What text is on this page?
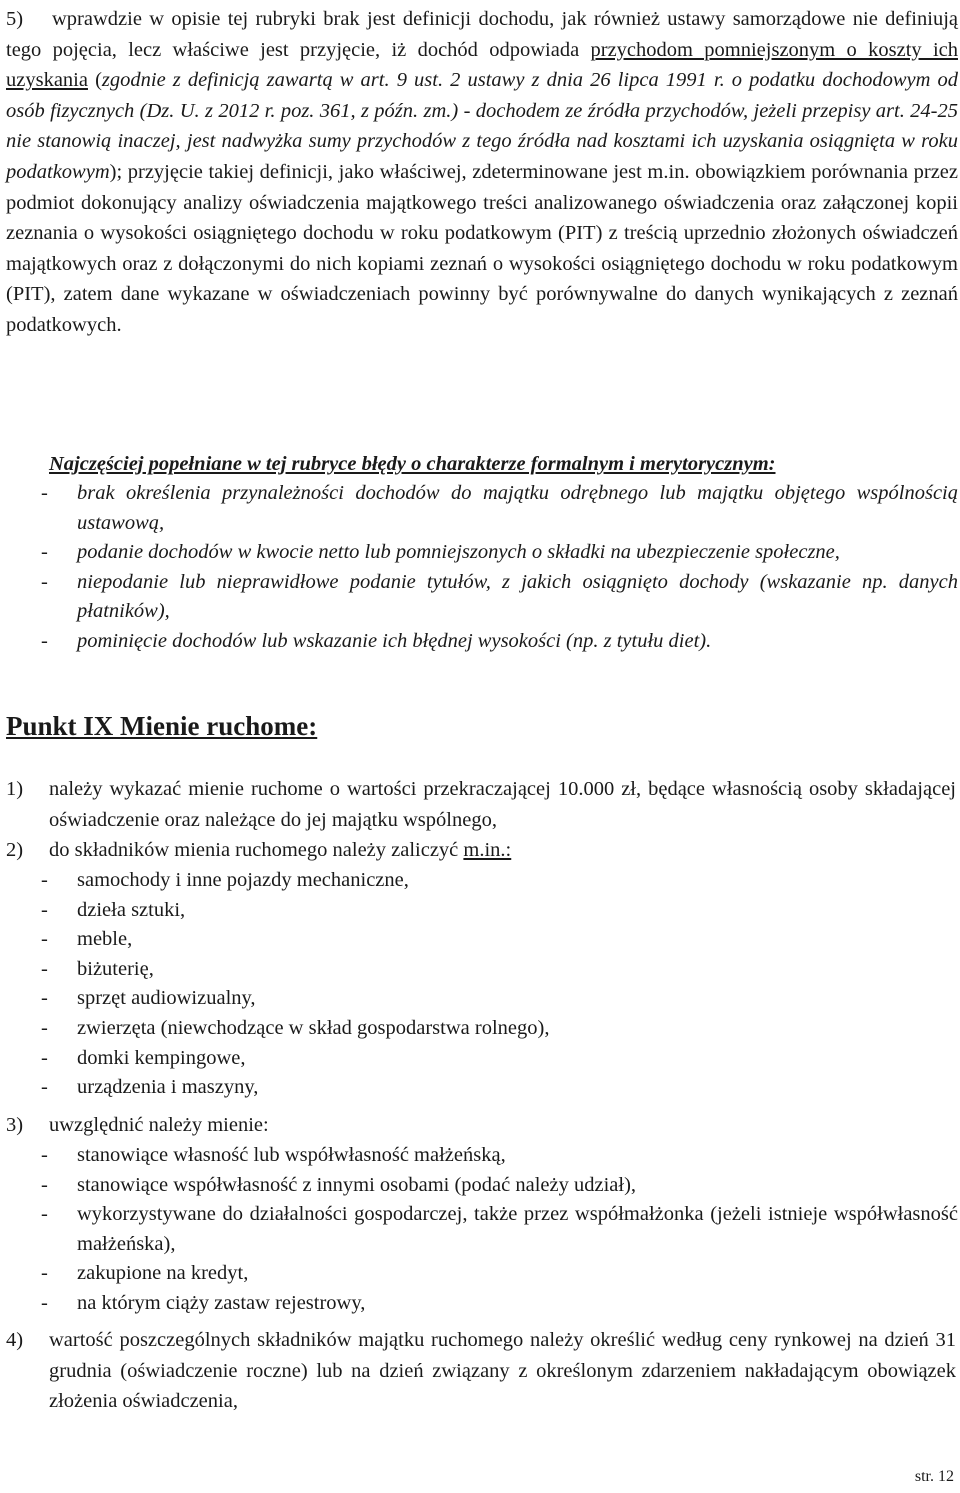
5) wprawdzie w opisie tej rubryki brak jest definicji dochodu, jak również ustawy samorządowe nie definiują tego pojęcia, lecz właściwe jest przyjęcie, iż dochód odpowiada przychodom pomniejszonym o koszty ich uzyskania (zgodnie z definicją zawartą w art. 9 ust. 2 ustawy z dnia 26 lipca 1991 r. o podatku dochodowym od osób fizycznych (Dz. U. z 2012 r. poz. 361, z późn. zm.) - dochodem ze źródła przychodów, jeżeli przepisy art. 24-25 nie stanowią inaczej, jest nadwyżka sumy przychodów z tego źródła nad kosztami ich uzyskania osiągnięta w roku podatkowym); przyjęcie takiej definicji, jako właściwej, zdeterminowane jest m.in. obowiązkiem porównania przez podmiot dokonujący analizy oświadczenia majątkowego treści analizowanego oświadczenia oraz załączonej kopii zeznania o wysokości osiągniętego dochodu w roku podatkowym (PIT) z treścią uprzednio złożonych oświadczeń majątkowych oraz z dołączonymi do nich kopiami zeznań o wysokości osiągniętego dochodu w roku podatkowym (PIT), zatem dane wykazane w oświadczeniach powinny być porównywalne do danych wynikających z zeznań podatkowych.
Najczęściej popełniane w tej rubryce błędy o charakterze formalnym i merytorycznym:
- brak określenia przynależności dochodów do majątku odrębnego lub majątku objętego wspólnością ustawową,
- podanie dochodów w kwocie netto lub pomniejszonych o składki na ubezpieczenie społeczne,
- niepodanie lub nieprawidłowe podanie tytułów, z jakich osiągnięto dochody (wskazanie np. danych płatników),
- pominięcie dochodów lub wskazanie ich błędnej wysokości (np. z tytułu diet).
Punkt IX Mienie ruchome:
1) należy wykazać mienie ruchome o wartości przekraczającej 10.000 zł, będące własnością osoby składającej oświadczenie oraz należące do jej majątku wspólnego,
2) do składników mienia ruchomego należy zaliczyć m.in.:
- samochody i inne pojazdy mechaniczne,
- dzieła sztuki,
- meble,
- biżuterię,
- sprzęt audiowizualny,
- zwierzęta (niewchodzące w skład gospodarstwa rolnego),
- domki kempingowe,
- urządzenia i maszyny,
3) uwzględnić należy mienie:
- stanowiące własność lub współwłasność małżeńską,
- stanowiące współwłasność z innymi osobami (podać należy udział),
- wykorzystywane do działalności gospodarczej, także przez współmałżonka (jeżeli istnieje współwłasność małżeńska),
- zakupione na kredyt,
- na którym ciąży zastaw rejestrowy,
4) wartość poszczególnych składników majątku ruchomego należy określić według ceny rynkowej na dzień 31 grudnia (oświadczenie roczne) lub na dzień związany z określonym zdarzeniem nakładającym obowiązek złożenia oświadczenia,
str. 12
